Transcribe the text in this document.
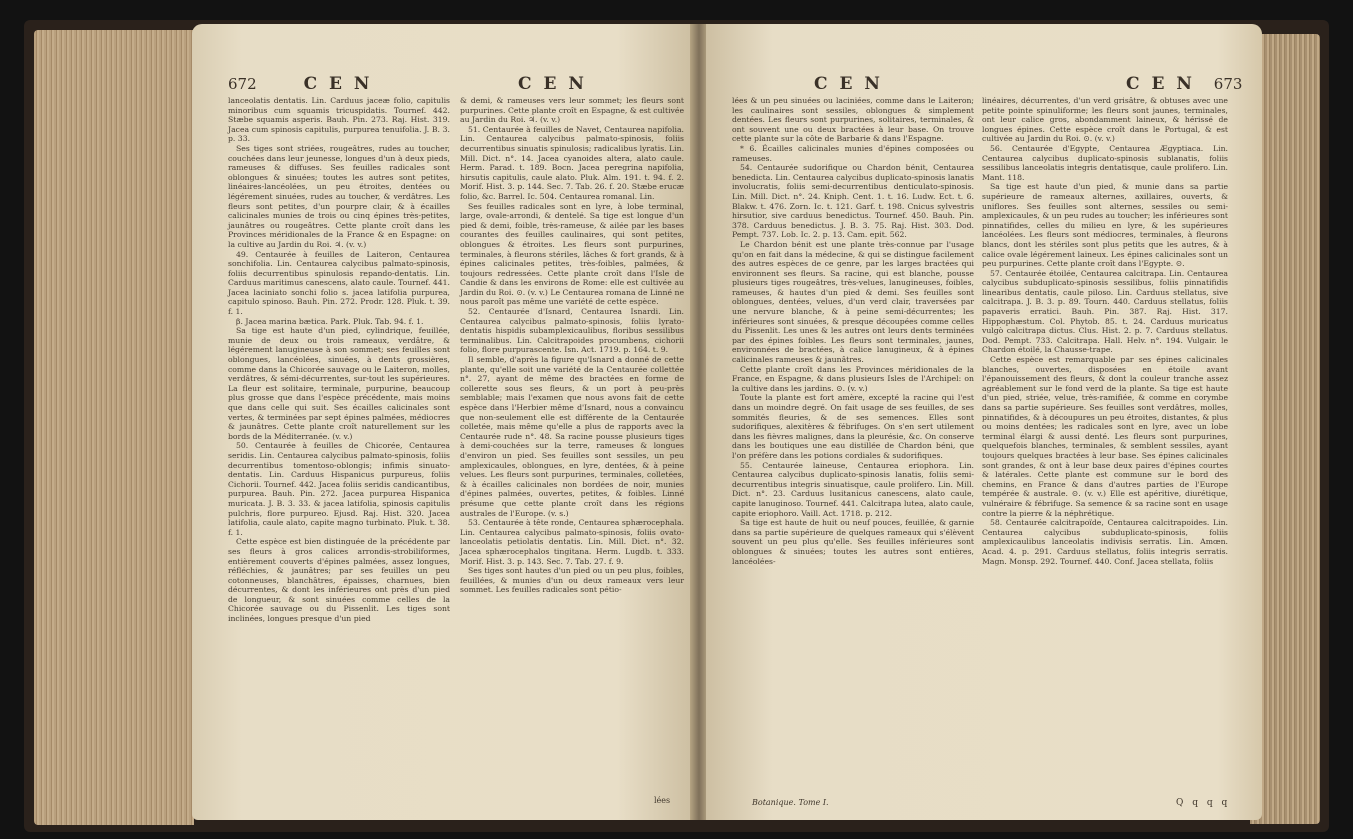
672	C E N	C E N

lanceolatis dentatis. Lin. Carduus jaceæ folio, capitulis minoribus cum squamis tricuspidatis. Tournef. 442. Stæbe squamis asperis. Bauh. Pin. 273. Raj. Hist. 319. Jacea cum spinosis capitulis, purpurea tenuifolia. J. B. 3. p. 33.

Ses tiges sont striées, rougeâtres, rudes au toucher, couchées dans leur jeunesse, longues d'un à deux pieds, rameuses & diffuses. Ses feuilles radicales sont oblongues & sinuées; toutes les autres sont petites, linéaires-lancéolées, un peu étroites, dentées ou légérement sinuées, rudes au toucher, & verdâtres. Les fleurs sont petites, d'un pourpre clair, & à écailles calicinales munies de trois ou cinq épines très-petites, jaunâtres ou rougeâtres. Cette plante croît dans les Provinces méridionales de la France & en Espagne: on la cultive au Jardin du Roi. ♃. (v. v.)

49. Centaurée à feuilles de Laiteron, Centaurea sonchifolia. Lin. Centaurea calycibus palmato-spinosis, foliis decurrentibus spinulosis repando-dentatis. Lin. Carduus maritimus canescens, alato caule. Tournef. 441. Jacea laciniato sonchi folio s. jacea latifolia purpurea, capitulo spinoso. Bauh. Pin. 272. Prodr. 128. Pluk. t. 39. f. 1.

β. Jacea marina bætica. Park. Pluk. Tab. 94. f. 1.

Sa tige est haute d'un pied, cylindrique, feuillée, munie de deux ou trois rameaux, verdâtre, & légérement lanugineuse à son sommet; ses feuilles sont oblongues, lancéolées, sinuées, à dents grossières, comme dans la Chicorée sauvage ou le Laiteron, molles, verdâtres, & sémi-décurrentes, sur-tout les supérieures. La fleur est solitaire, terminale, purpurine, beaucoup plus grosse que dans l'espèce précédente, mais moins que dans celle qui suit. Ses écailles calicinales sont vertes, & terminées par sept épines palmées, médiocres & jaunâtres. Cette plante croît naturellement sur les bords de la Méditerranée. (v. v.)

50. Centaurée à feuilles de Chicorée, Centaurea seridis. Lin. Centaurea calycibus palmato-spinosis, foliis decurrentibus tomentoso-oblongis; infimis sinuato-dentatis. Lin. Carduus Hispanicus purpureus, foliis Cichorii. Tournef. 442. Jacea foliis seridis candicantibus, purpurea. Bauh. Pin. 272. Jacea purpurea Hispanica muricata. J. B. 3. 33. & jacea latifolia, spinosis capitulis pulchris, flore purpureo. Ejusd. Raj. Hist. 320. Jacea latifolia, caule alato, capite magno turbinato. Pluk. t. 38. f. 1.

Cette espèce est bien distinguée de la précédente par ses fleurs à gros calices arrondis-strobiliformes, entièrement couverts d'épines palmées, assez longues, réfléchies, & jaunâtres; par ses feuilles un peu cotonneuses, blanchâtres, épaisses, charnues, bien décurrentes, & dont les inférieures ont près d'un pied de longueur, & sont sinuées comme celles de la Chicorée sauvage ou du Pissenlit. Les tiges sont inclinées, longues presque d'un pied

& demi, & rameuses vers leur sommet; les fleurs sont purpurines. Cette plante croît en Espagne, & est cultivée au Jardin du Roi. ♃. (v. v.)

51. Centaurée à feuilles de Navet, Centaurea napifolia. Lin. Centaurea calycibus palmato-spinosis, foliis decurrentibus sinuatis spinulosis; radicalibus lyratis. Lin. Mill. Dict. n°. 14. Jacea cyanoides altera, alato caule. Herm. Parad. t. 189. Bocn. Jacea peregrina napifolia, hirsutis capitulis, caule alato. Pluk. Alm. 191. t. 94. f. 2. Morif. Hist. 3. p. 144. Sec. 7. Tab. 26. f. 20. Stæbe erucæ folio, &c. Barrel. Ic. 504. Centaurea romanal. Lin.

Ses feuilles radicales sont en lyre, à lobe terminal, large, ovale-arrondi, & dentelé. Sa tige est longue d'un pied & demi, foible, très-rameuse, & ailée par les bases courantes des feuilles caulinaires, qui sont petites, oblongues & étroites. Les fleurs sont purpurines, terminales, à fleurons stériles, lâches & fort grands, & à épines calicinales petites, très-foibles, palmées, & toujours redressées. Cette plante croît dans l'Isle de Candie & dans les environs de Rome: elle est cultivée au Jardin du Roi. ⊙. (v. v.) Le Centaurea romana de Linné ne nous paroît pas même une variété de cette espèce.

52. Centaurée d'Isnard, Centaurea Isnardi. Lin. Centaurea calycibus palmato-spinosis, foliis lyrato-dentatis hispidis subamplexicaulibus, floribus sessilibus terminalibus. Lin. Calcitrapoides procumbens, cichorii folio, flore purpurascente. Isn. Act. 1719. p. 164. t. 9.

Il semble, d'après la figure qu'Isnard a donné de cette plante, qu'elle soit une variété de la Centaurée collettée n°. 27, ayant de même des bractées en forme de collerette sous ses fleurs, & un port à peu-près semblable; mais l'examen que nous avons fait de cette espèce dans l'Herbier même d'Isnard, nous a convaincu que non-seulement elle est différente de la Centaurée colletée, mais même qu'elle a plus de rapports avec la Centaurée rude n°. 48. Sa racine pousse plusieurs tiges à demi-couchées sur la terre, rameuses & longues d'environ un pied. Ses feuilles sont sessiles, un peu amplexicaules, oblongues, en lyre, dentées, & à peine velues. Les fleurs sont purpurines, terminales, colletées, & à écailles calicinales non bordées de noir, munies d'épines palmées, ouvertes, petites, & foibles. Linné présume que cette plante croît dans les régions australes de l'Europe. (v. s.)

53. Centaurée à tête ronde, Centaurea sphærocephala. Lin. Centaurea calycibus palmato-spinosis, foliis ovato-lanceolatis petiolatis dentatis. Lin. Mill. Dict. n°. 32. Jacea sphærocephalos tingitana. Herm. Lugdb. t. 333. Morif. Hist. 3. p. 143. Sec. 7. Tab. 27. f. 9.

Ses tiges sont hautes d'un pied ou un peu plus, foibles, feuillées, & munies d'un ou deux rameaux vers leur sommet. Les feuilles radicales sont pétio-

lées
C E N	C E N 673

lées & un peu sinuées ou laciniées, comme dans le Laiteron; les caulinaires sont sessiles, oblongues & simplement dentées. Les fleurs sont purpurines, solitaires, terminales, & ont souvent une ou deux bractées à leur base. On trouve cette plante sur la côte de Barbarie & dans l'Espagne.

* 6. Écailles calicinales munies d'épines composées ou rameuses.

54. Centaurée sudorifique ou Chardon bénit, Centaurea benedicta. Lin. Centaurea calycibus duplicato-spinosis lanatis involucratis, foliis semi-decurrentibus denticulato-spinosis. Lin. Mill. Dict. n°. 24. Kniph. Cent. 1. t. 16. Ludw. Ect. t. 6. Blakw. t. 476. Zorn. Ic. t. 121. Garf. t. 198. Cnicus sylvestris hirsutior, sive carduus benedictus. Tournef. 450. Bauh. Pin. 378. Carduus benedictus. J. B. 3. 75. Raj. Hist. 303. Dod. Pempt. 737. Lob. Ic. 2. p. 13. Cam. epit. 562.

Le Chardon bénit est une plante très-connue par l'usage qu'on en fait dans la médecine, & qui se distingue facilement des autres espèces de ce genre, par les larges bractées qui environnent ses fleurs. Sa racine, qui est blanche, pousse plusieurs tiges rougeâtres, très-velues, lanugineuses, foibles, rameuses, & hautes d'un pied & demi. Ses feuilles sont oblongues, dentées, velues, d'un verd clair, traversées par une nervure blanche, & à peine semi-décurrentes; les inférieures sont sinuées, & presque découpées comme celles du Pissenlit. Les unes & les autres ont leurs dents terminées par des épines foibles. Les fleurs sont terminales, jaunes, environnées de bractées, à calice lanugineux, & à épines calicinales rameuses & jaunâtres.

Cette plante croît dans les Provinces méridionales de la France, en Espagne, & dans plusieurs Isles de l'Archipel: on la cultive dans les jardins. ⊙. (v. v.)

Toute la plante est fort amère, excepté la racine qui l'est dans un moindre degré. On fait usage de ses feuilles, de ses sommités fleuries, & de ses semences. Elles sont sudorifiques, alexitères & fébrifuges. On s'en sert utilement dans les fièvres malignes, dans la pleurésie, &c. On conserve dans les boutiques une eau distillée de Chardon béni, que l'on préfère dans les potions cordiales & sudorifiques.

55. Centaurée laineuse, Centaurea eriophora. Lin. Centaurea calycibus duplicato-spinosis lanatis, foliis semi-decurrentibus integris sinuatisque, caule prolifero. Lin. Mill. Dict. n°. 23. Carduus lusitanicus canescens, alato caule, capite lanuginoso. Tournef. 441. Calcitrapa lutea, alato caule, capite eriophoro. Vaill. Act. 1718. p. 212.

Sa tige est haute de huit ou neuf pouces, feuillée, & garnie dans sa partie supérieure de quelques rameaux qui s'élèvent souvent un peu plus qu'elle. Ses feuilles inférieures sont oblongues & sinuées; toutes les autres sont entières, lancéolées-

linéaires, décurrentes, d'un verd grisâtre, & obtuses avec une petite pointe spinuliforme; les fleurs sont jaunes, terminales, ont leur calice gros, abondamment laineux, & hérissé de longues épines. Cette espèce croît dans le Portugal, & est cultivée au Jardin du Roi. ⊙. (v. v.)

56. Centaurée d'Egypte, Centaurea Ægyptiaca. Lin. Centaurea calycibus duplicato-spinosis sublanatis, foliis sessilibus lanceolatis integris dentatisque, caule prolifero. Lin. Mant. 118.

Sa tige est haute d'un pied, & munie dans sa partie supérieure de rameaux alternes, axillaires, ouverts, & uniflores. Ses feuilles sont alternes, sessiles ou semi-amplexicaules, & un peu rudes au toucher; les inférieures sont pinnatifides, celles du milieu en lyre, & les supérieures lancéolées. Les fleurs sont médiocres, terminales, à fleurons blancs, dont les stériles sont plus petits que les autres, & à calice ovale légérement laineux. Les épines calicinales sont un peu purpurines. Cette plante croît dans l'Egypte. ⊙.

57. Centaurée étoilée, Centaurea calcitrapa. Lin. Centaurea calycibus subduplicato-spinosis sessilibus, foliis pinnatifidis linearibus dentatis, caule piloso. Lin. Carduus stellatus, sive calcitrapa. J. B. 3. p. 89. Tourn. 440. Carduus stellatus, foliis papaveris erratici. Bauh. Pin. 387. Raj. Hist. 317. Hippophæstum. Col. Phytob. 85. t. 24. Carduus muricatus vulgò calcitrapa dictus. Clus. Hist. 2. p. 7. Carduus stellatus. Dod. Pempt. 733. Calcitrapa. Hall. Helv. n°. 194. Vulgair. le Chardon étoilé, la Chausse-trape.

Cette espèce est remarquable par ses épines calicinales blanches, ouvertes, disposées en étoile avant l'épanouissement des fleurs, & dont la couleur tranche assez agréablement sur le fond verd de la plante. Sa tige est haute d'un pied, striée, velue, très-ramifiée, & comme en corymbe dans sa partie supérieure. Ses feuilles sont verdâtres, molles, pinnatifides, & à découpures un peu étroites, distantes, & plus ou moins dentées; les radicales sont en lyre, avec un lobe terminal élargi & aussi denté. Les fleurs sont purpurines, quelquefois blanches, terminales, & semblent sessiles, ayant toujours quelques bractées à leur base. Ses épines calicinales sont grandes, & ont à leur base deux paires d'épines courtes & latérales. Cette plante est commune sur le bord des chemins, en France & dans d'autres parties de l'Europe tempérée & australe. ⊙. (v. v.) Elle est apéritive, diurétique, vulnéraire & fébrifuge. Sa semence & sa racine sont en usage contre la pierre & la néphrétique.

58. Centaurée calcitrapoïde, Centaurea calcitrapoides. Lin. Centaurea calycibus subduplicato-spinosis, foliis amplexicaulibus lanceolatis indivisis serratis. Lin. Amœn. Acad. 4. p. 291. Carduus stellatus, foliis integris serratis. Magn. Monsp. 292. Tournef. 440. Conf. Jacea stellata, foliis

Botanique. Tome I.	Q q q q
